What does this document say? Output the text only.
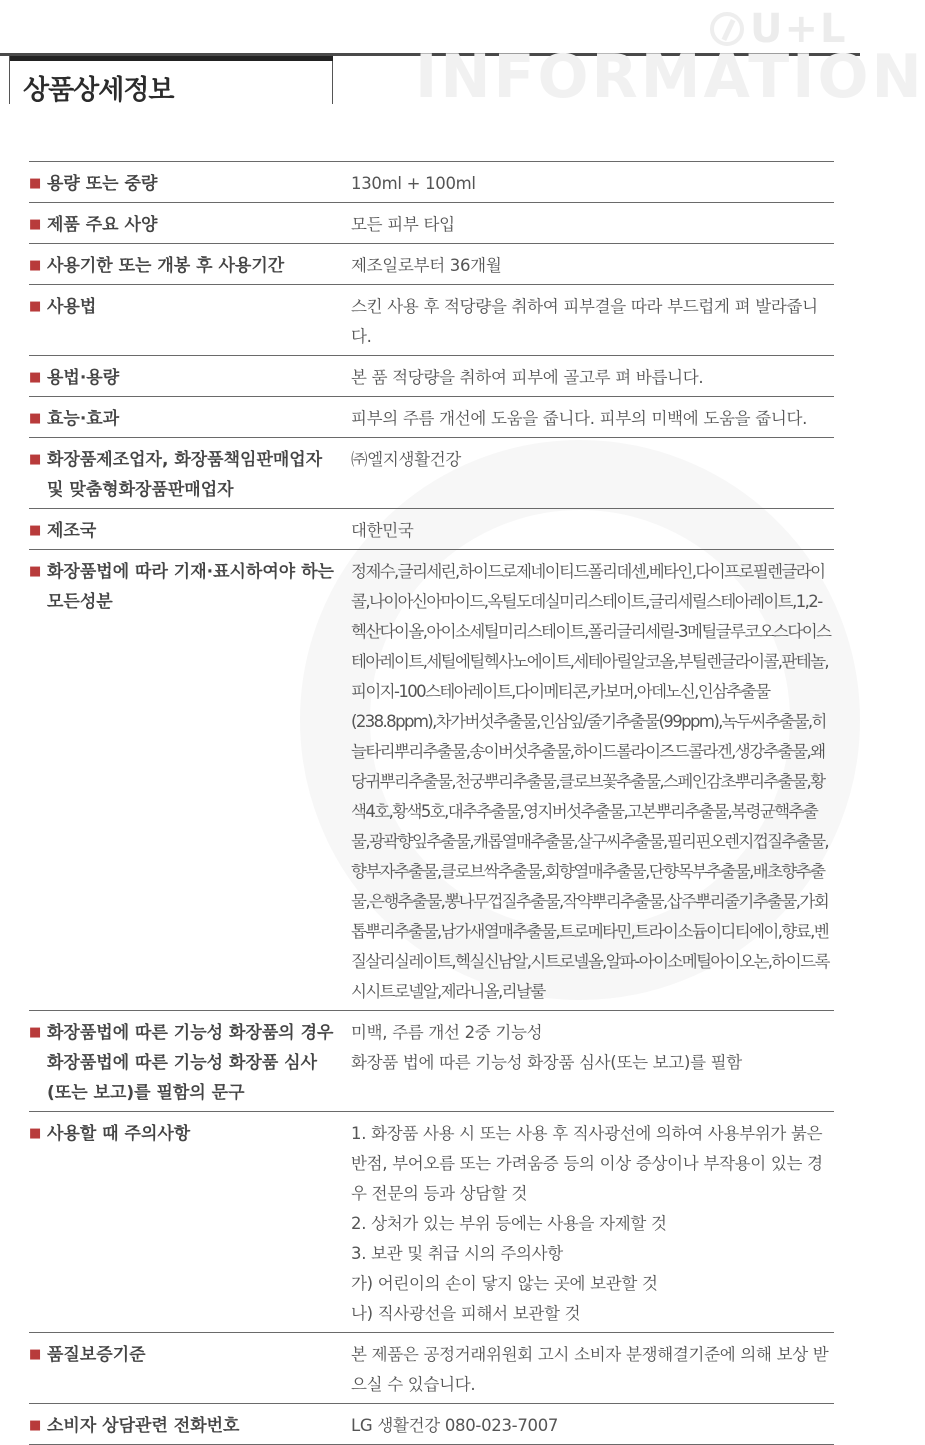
INFORMATION
U+L
상품상세정보
■ 용량 또는 중량	130ml + 100ml

■ 제품 주요 사양	모든 피부 타입

■ 사용기한 또는 개봉 후 사용기간	제조일로부터 36개월

■ 사용법	스킨 사용 후 적당량을 취하여 피부결을 따라 부드럽게 펴 발라줍니다.

■ 용법·용량	본 품 적당량을 취하여 피부에 골고루 펴 바릅니다.

■ 효능·효과	피부의 주름 개선에 도움을 줍니다. 피부의 미백에 도움을 줍니다.

■ 화장품제조업자, 화장품책임판매업자 및 맞춤형화장품판매업자	㈜엘지생활건강

■ 제조국	대한민국

■ 화장품법에 따라 기재·표시하여야 하는 모든성분	정제수,글리세린,하이드로제네이티드폴리데센,베타인,다이프로필렌글라이콜,나이아신아마이드,옥틸도데실미리스테이트,글리세릴스테아레이트,1,2-헥산다이올,아이소세틸미리스테이트,폴리글리세릴-3메틸글루코오스다이스테아레이트,세틸에틸헥사노에이트,세테아릴알코올,부틸렌글라이콜,판테놀,피이지-100스테아레이트,다이메티콘,카보머,아데노신,인삼추출물(238.8ppm),차가버섯추출물,인삼잎/줄기추출물(99ppm),녹두씨추출물,히늘타리뿌리추출물,송이버섯추출물,하이드롤라이즈드콜라겐,생강추출물,왜당귀뿌리추출물,천궁뿌리추출물,클로브꽃추출물,스페인감초뿌리추출물,황색4호,황색5호,대추추출물,영지버섯추출물,고본뿌리추출물,복령균핵추출물,광곽향잎추출물,캐롭열매추출물,살구씨추출물,필리핀오렌지껍질추출물,향부자추출물,클로브싹추출물,회향열매추출물,단향목부추출물,배초향추출물,은행추출물,뽕나무껍질추출물,작약뿌리추출물,삽주뿌리줄기추출물,가회톱뿌리추출물,남가새열매추출물,트로메타민,트라이소듐이디티에이,향료,벤질살리실레이트,헥실신남알,시트로넬올,알파-아이소메틸아이오논,하이드록시시트로넬알,제라니올,리날룰

■ 화장품법에 따른 기능성 화장품의 경우 화장품법에 따른 기능성 화장품 심사(또는 보고)를 필함의 문구	미백, 주름 개선 2중 기능성
화장품 법에 따른 기능성 화장품 심사(또는 보고)를 필함

■ 사용할 때 주의사항	1. 화장품 사용 시 또는 사용 후 직사광선에 의하여 사용부위가 붉은 반점, 부어오름 또는 가려움증 등의 이상 증상이나 부작용이 있는 경우 전문의 등과 상담할 것
2. 상처가 있는 부위 등에는 사용을 자제할 것
3. 보관 및 취급 시의 주의사항
가) 어린이의 손이 닿지 않는 곳에 보관할 것
나) 직사광선을 피해서 보관할 것

■ 품질보증기준	본 제품은 공정거래위원회 고시 소비자 분쟁해결기준에 의해 보상 받으실 수 있습니다.

■ 소비자 상담관련 전화번호	LG 생활건강 080-023-7007
